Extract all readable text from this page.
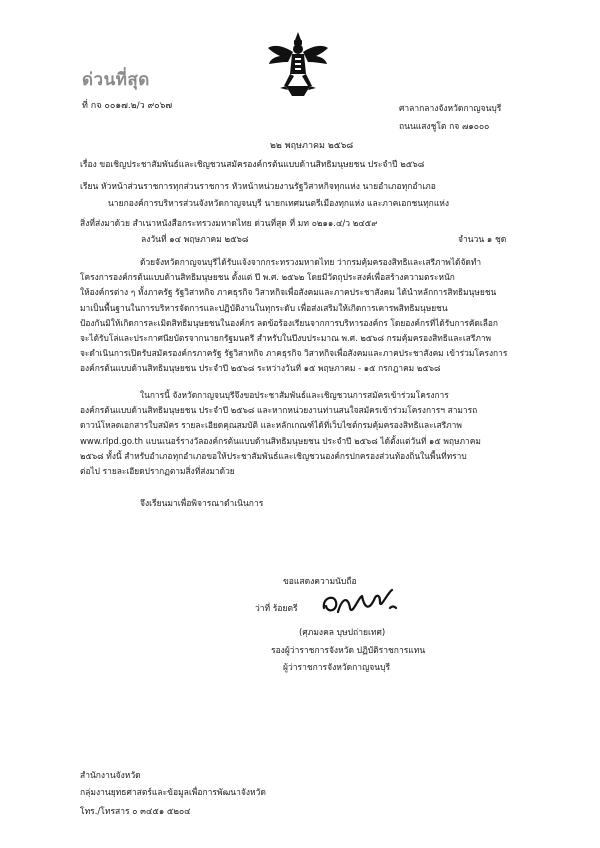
ด่วนที่สุด
ที่ กจ ๐๐๑๗.๒/ว ๙๐๖๗	ศาลากลางจังหวัดกาญจนบุรี
ถนนแสงชูโต กจ ๗๑๐๐๐
๒๒ พฤษภาคม ๒๕๖๘
เรื่อง ขอเชิญประชาสัมพันธ์และเชิญชวนสมัครองค์กรต้นแบบด้านสิทธิมนุษยชน ประจำปี ๒๕๖๘
เรียน หัวหน้าส่วนราชการทุกส่วนราชการ หัวหน้าหน่วยงานรัฐวิสาหกิจทุกแห่ง นายอำเภอทุกอำเภอ
นายกองค์การบริหารส่วนจังหวัดกาญจนบุรี นายกเทศมนตรีเมืองทุกแห่ง และภาคเอกชนทุกแห่ง
สิ่งที่ส่งมาด้วย สำเนาหนังสือกระทรวงมหาดไทย ด่วนที่สุด ที่ มท ๐๒๑๑.๔/ว ๒๔๕๙
ลงวันที่ ๑๔ พฤษภาคม ๒๕๖๘	จำนวน ๑ ชุด
ด้วยจังหวัดกาญจนบุรีได้รับแจ้งจากกระทรวงมหาดไทย ว่ากรมคุ้มครองสิทธิและเสรีภาพได้จัดทำ
โครงการองค์กรต้นแบบด้านสิทธิมนุษยชน ตั้งแต่ ปี พ.ศ. ๒๕๖๒ โดยมีวัตถุประสงค์เพื่อสร้างความตระหนัก
ให้องค์กรต่าง ๆ ทั้งภาครัฐ รัฐวิสาหกิจ ภาคธุรกิจ วิสาหกิจเพื่อสังคมและภาคประชาสังคม ได้นำหลักการสิทธิมนุษยชน
มาเป็นพื้นฐานในการบริหารจัดการและปฏิบัติงานในทุกระดับ เพื่อส่งเสริมให้เกิดการเคารพสิทธิมนุษยชน
ป้องกันมิให้เกิดการละเมิดสิทธิมนุษยชนในองค์กร ลดข้อร้องเรียนจากการบริหารองค์กร โดยองค์กรที่ได้รับการคัดเลือก
จะได้รับโล่และประกาศนียบัตรจากนายกรัฐมนตรี สำหรับในปีงบประมาณ พ.ศ. ๒๕๖๘ กรมคุ้มครองสิทธิและเสรีภาพ
จะดำเนินการเปิดรับสมัครองค์กรภาครัฐ รัฐวิสาหกิจ ภาคธุรกิจ วิสาหกิจเพื่อสังคมและภาคประชาสังคม เข้าร่วมโครงการ
องค์กรต้นแบบด้านสิทธิมนุษยชน ประจำปี ๒๕๖๘ ระหว่างวันที่ ๑๕ พฤษภาคม - ๑๕ กรกฎาคม ๒๕๖๘
ในการนี้ จังหวัดกาญจนบุรีจึงขอประชาสัมพันธ์และเชิญชวนการสมัครเข้าร่วมโครงการ
องค์กรต้นแบบด้านสิทธิมนุษยชน ประจำปี ๒๕๖๘ และหากหน่วยงานท่านสนใจสมัครเข้าร่วมโครงการฯ สามารถ
ดาวน์โหลดเอกสารใบสมัคร รายละเอียดคุณสมบัติ และหลักเกณฑ์ได้ที่เว็บไซต์กรมคุ้มครองสิทธิและเสรีภาพ
www.rlpd.go.th แบนเนอร์รางวัลองค์กรต้นแบบด้านสิทธิมนุษยชน ประจำปี ๒๕๖๘ ได้ตั้งแต่วันที่ ๑๕ พฤษภาคม
๒๕๖๘ ทั้งนี้ สำหรับอำเภอทุกอำเภอขอให้ประชาสัมพันธ์และเชิญชวนองค์กรปกครองส่วนท้องถิ่นในพื้นที่ทราบ
ต่อไป รายละเอียดปรากฏตามสิ่งที่ส่งมาด้วย
จึงเรียนมาเพื่อพิจารณาดำเนินการ
ขอแสดงความนับถือ
ว่าที่ ร้อยตรี
(ศุภมงคล บุษปถ่ายเทศ)
รองผู้ว่าราชการจังหวัด ปฏิบัติราชการแทน
ผู้ว่าราชการจังหวัดกาญจนบุรี
สำนักงานจังหวัด
กลุ่มงานยุทธศาสตร์และข้อมูลเพื่อการพัฒนาจังหวัด
โทร./โทรสาร ๐ ๓๔๕๑ ๕๒๐๔
